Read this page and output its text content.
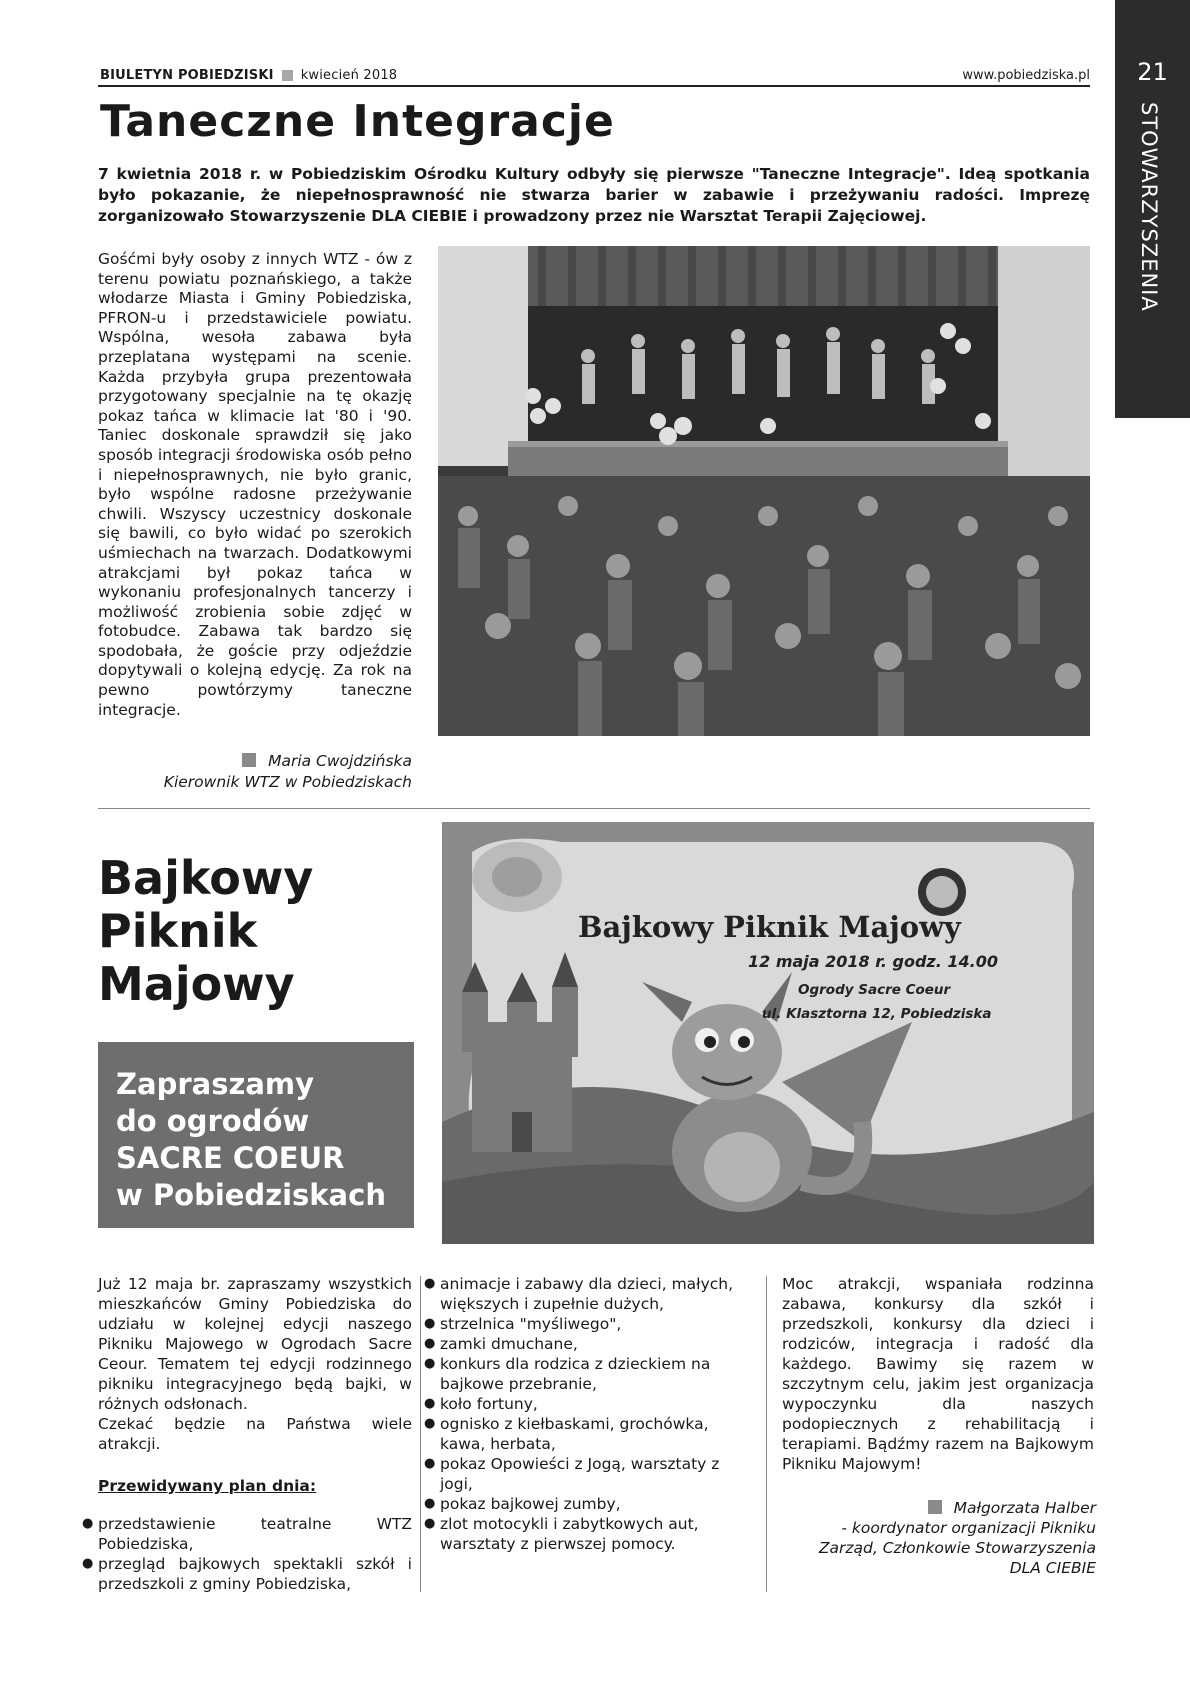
BIULETYN POBIEDZISKI kwiecień 2018	www.pobiedziska.pl	21
STOWARZYSZENIA
Taneczne Integracje
7 kwietnia 2018 r. w Pobiedziskim Ośrodku Kultury odbyły się pierwsze "Taneczne Integracje". Ideą spotkania było pokazanie, że niepełnosprawność nie stwarza barier w zabawie i przeżywaniu radości. Imprezę zorganizowało Stowarzyszenie DLA CIEBIE i prowadzony przez nie Warsztat Terapii Zajęciowej.
Gośćmi były osoby z innych WTZ - ów z terenu powiatu poznańskiego, a także włodarze Miasta i Gminy Pobiedziska, PFRON-u i przedstawiciele powiatu. Wspólna, wesoła zabawa była przeplatana występami na scenie. Każda przybyła grupa prezentowała przygotowany specjalnie na tę okazję pokaz tańca w klimacie lat '80 i '90. Taniec doskonale sprawdził się jako sposób integracji środowiska osób pełno i niepełnosprawnych, nie było granic, było wspólne radosne przeżywanie chwili. Wszyscy uczestnicy doskonale się bawili, co było widać po szerokich uśmiechach na twarzach. Dodatkowymi atrakcjami był pokaz tańca w wykonaniu profesjonalnych tancerzy i możliwość zrobienia sobie zdjęć w fotobudce. Zabawa tak bardzo się spodobała, że goście przy odjeździe dopytywali o kolejną edycję. Za rok na pewno powtórzymy taneczne integracje.
Maria Cwojdzińska
Kierownik WTZ w Pobiedziskach
Bajkowy
Piknik
Majowy
Zapraszamy
do ogrodów
SACRE COEUR
w Pobiedziskach
Bajkowy Piknik Majowy
12 maja 2018 r. godz. 14.00
Ogrody Sacre Coeur
ul. Klasztorna 12, Pobiedziska

Już 12 maja br. zapraszamy wszystkich mieszkańców Gminy Pobiedziska do udziału w kolejnej edycji naszego Pikniku Majowego w Ogrodach Sacre Ceour. Tematem tej edycji rodzinnego pikniku integracyjnego będą bajki, w różnych odsłonach.

Czekać będzie na Państwa wiele atrakcji.

Przewidywany plan dnia:

● przedstawienie teatralne WTZ Pobiedziska,
● przegląd bajkowych spektakli szkół i przedszkoli z gminy Pobiedziska,
● animacje i zabawy dla dzieci, małych, większych i zupełnie dużych,
● strzelnica "myśliwego",
● zamki dmuchane,
● konkurs dla rodzica z dzieckiem na bajkowe przebranie,
● koło fortuny,
● ognisko z kiełbaskami, grochówka, kawa, herbata,
● pokaz Opowieści z Jogą, warsztaty z jogi,
● pokaz bajkowej zumby,
● zlot motocykli i zabytkowych aut, warsztaty z pierwszej pomocy.

Moc atrakcji, wspaniała rodzinna zabawa, konkursy dla szkół i przedszkoli, konkursy dla dzieci i rodziców, integracja i radość dla każdego. Bawimy się razem w szczytnym celu, jakim jest organizacja wypoczynku dla naszych podopiecznych z rehabilitacją i terapiami. Bądźmy razem na Bajkowym Pikniku Majowym!

Małgorzata Halber
- koordynator organizacji Pikniku
Zarząd, Członkowie Stowarzyszenia
DLA CIEBIE
